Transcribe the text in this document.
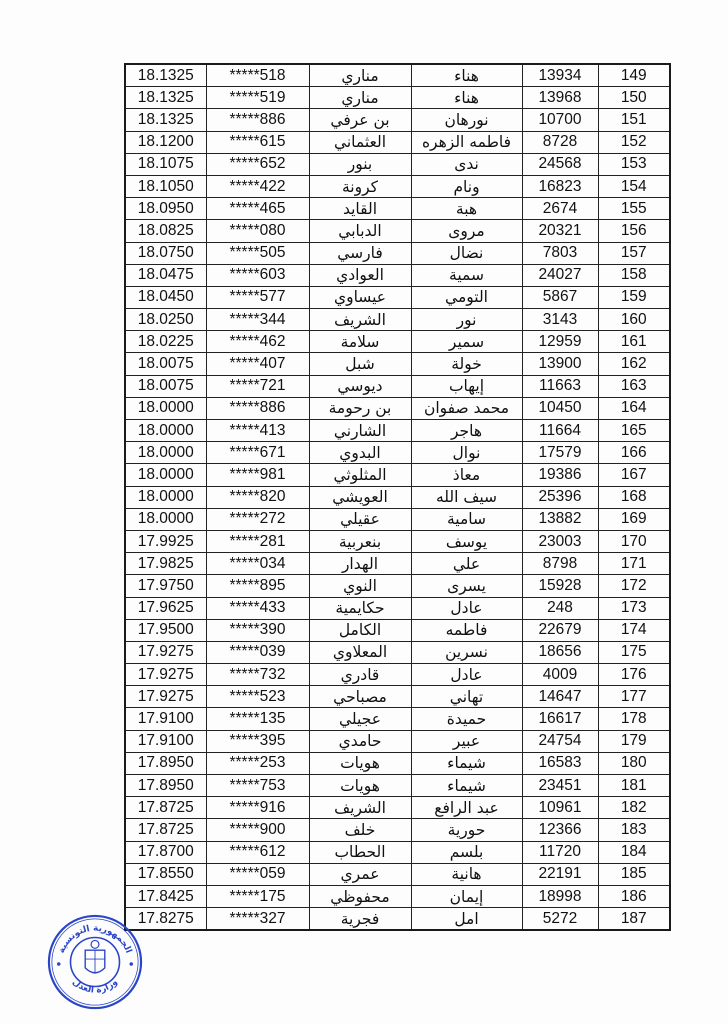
18.1325	*****518	مناري	هناء	13934	149
18.1325	*****519	مناري	هناء	13968	150
18.1325	*****886	بن عرفي	نورهان	10700	151
18.1200	*****615	العثماني	فاطمه الزهره	8728	152
18.1075	*****652	بنور	ندى	24568	153
18.1050	*****422	كرونة	ونام	16823	154
18.0950	*****465	القايد	هبة	2674	155
18.0825	*****080	الدبابي	مروى	20321	156
18.0750	*****505	فارسي	نضال	7803	157
18.0475	*****603	العوادي	سمية	24027	158
18.0450	*****577	عيساوي	التومي	5867	159
18.0250	*****344	الشريف	نور	3143	160
18.0225	*****462	سلامة	سمير	12959	161
18.0075	*****407	شبل	خولة	13900	162
18.0075	*****721	ديوسي	إيهاب	11663	163
18.0000	*****886	بن رحومة	محمد صفوان	10450	164
18.0000	*****413	الشارني	هاجر	11664	165
18.0000	*****671	البدوي	نوال	17579	166
18.0000	*****981	المثلوثي	معاذ	19386	167
18.0000	*****820	العويشي	سيف الله	25396	168
18.0000	*****272	عقيلي	سامية	13882	169
17.9925	*****281	بنعربية	يوسف	23003	170
17.9825	*****034	الهدار	علي	8798	171
17.9750	*****895	النوي	يسرى	15928	172
17.9625	*****433	حكايمية	عادل	248	173
17.9500	*****390	الكامل	فاطمه	22679	174
17.9275	*****039	المعلاوي	نسرين	18656	175
17.9275	*****732	قادري	عادل	4009	176
17.9275	*****523	مصباحي	تهاني	14647	177
17.9100	*****135	عجيلي	حميدة	16617	178
17.9100	*****395	حامدي	عبير	24754	179
17.8950	*****253	هويات	شيماء	16583	180
17.8950	*****753	هويات	شيماء	23451	181
17.8725	*****916	الشريف	عبد الرافع	10961	182
17.8725	*****900	خلف	حورية	12366	183
17.8700	*****612	الحطاب	بلسم	11720	184
17.8550	*****059	عمري	هانية	22191	185
17.8425	*****175	محفوظي	إيمان	18998	186
17.8275	*****327	فجرية	امل	5272	187
الجمهورية التونسية
وزارة العدل
